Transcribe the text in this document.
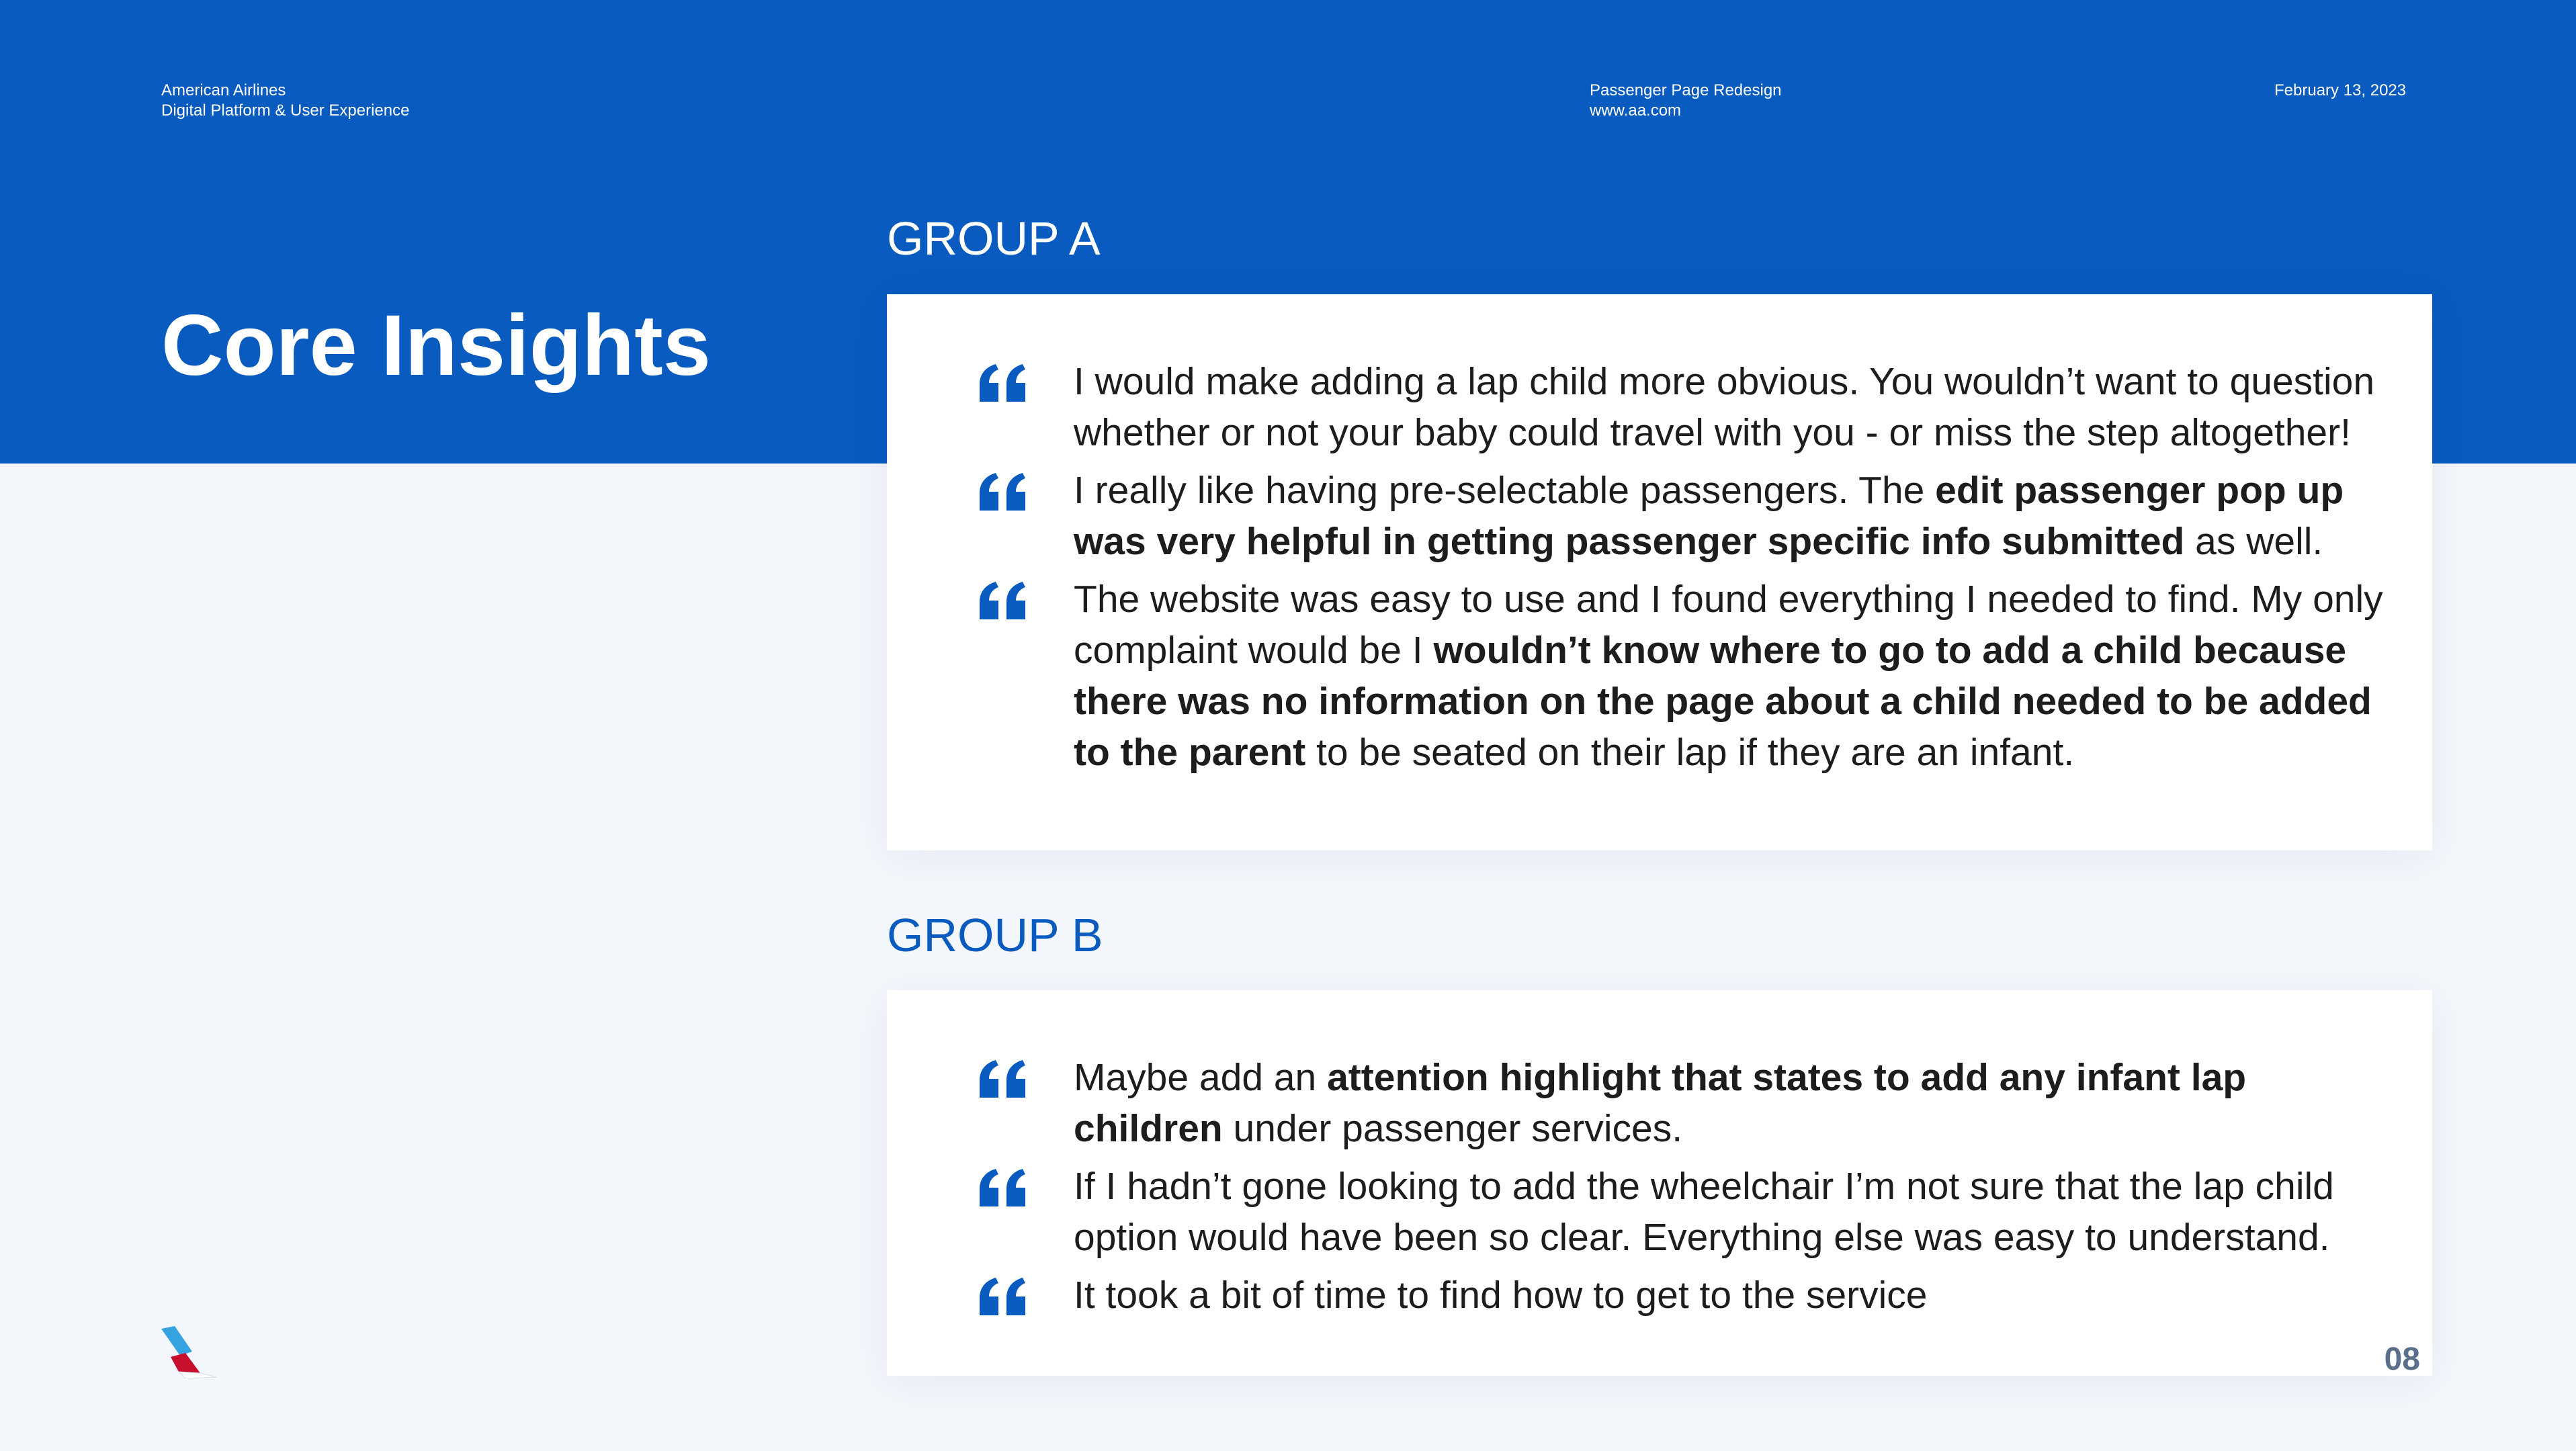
American Airlines
Digital Platform & User Experience
Passenger Page Redesign
www.aa.com
February 13, 2023
Core Insights
GROUP A

I would make adding a lap child more obvious. You wouldn’t want to question whether or not your baby could travel with you - or miss the step altogether!

I really like having pre-selectable passengers. The edit passenger pop up was very helpful in getting passenger specific info submitted as well.

The website was easy to use and I found everything I needed to find. My only complaint would be I wouldn’t know where to go to add a child because there was no information on the page about a child needed to be added to the parent to be seated on their lap if they are an infant.

GROUP B

Maybe add an attention highlight that states to add any infant lap children under passenger services.

If I hadn’t gone looking to add the wheelchair I’m not sure that the lap child option would have been so clear. Everything else was easy to understand.

It took a bit of time to find how to get to the service

08
